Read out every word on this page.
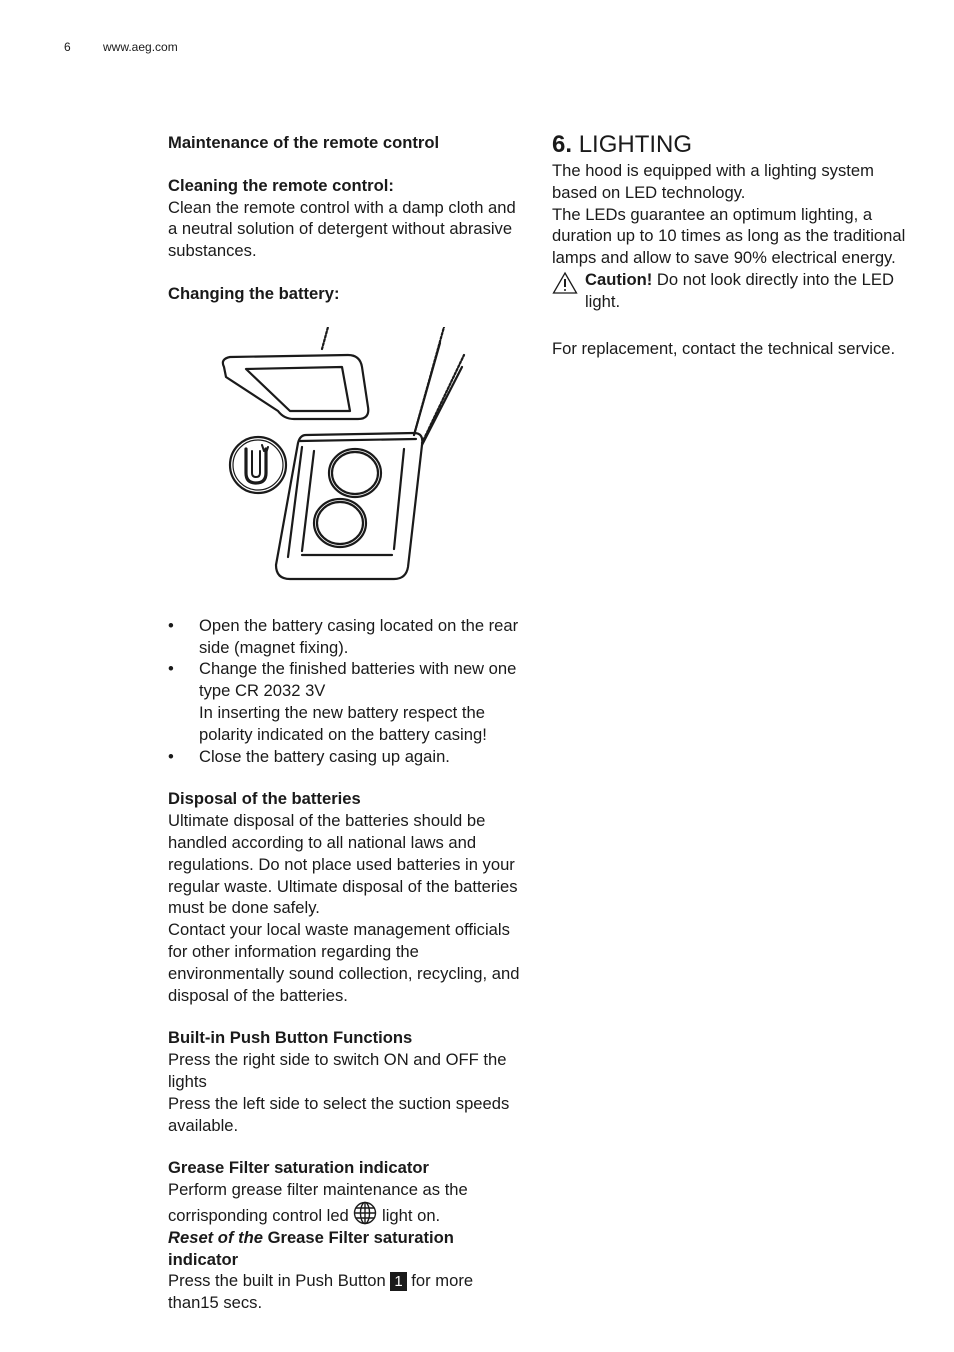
6	www.aeg.com

Maintenance of the remote control

Cleaning the remote control:

Clean the remote control with a damp cloth and a neutral solution of detergent without abrasive substances.

Changing the battery:

• Open the battery casing located on the rear side (magnet fixing).
• Change the finished batteries with new one type CR 2032 3V
In inserting the new battery respect the polarity indicated on the battery casing!
• Close the battery casing up again.

Disposal of the batteries

Ultimate disposal of the batteries should be handled according to all national laws and regulations. Do not place used batteries in your regular waste. Ultimate disposal of the batteries must be done safely.

Contact your local waste management officials for other information regarding the environmentally sound collection, recycling, and disposal of the batteries.

Built-in Push Button Functions

Press the right side to switch ON and OFF the lights

Press the left side to select the suction speeds available.

Grease Filter saturation indicator

Perform grease filter maintenance as the corrisponding control led light on.

Reset of the Grease Filter saturation indicator

Press the built in Push Button 1 for more than15 secs.

6. LIGHTING

The hood is equipped with a lighting system based on LED technology.

The LEDs guarantee an optimum lighting, a duration up to 10 times as long as the traditional lamps and allow to save 90% electrical energy.

Caution! Do not look directly into the LED light.

For replacement, contact the technical service.
